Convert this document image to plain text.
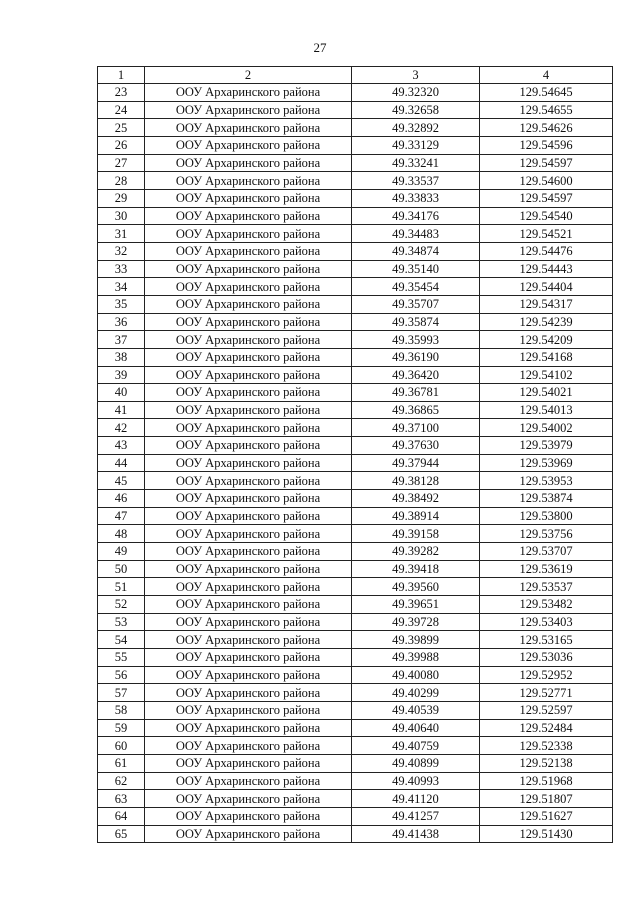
27
1	2	3	4
23	ООУ Архаринского района	49.32320	129.54645
24	ООУ Архаринского района	49.32658	129.54655
25	ООУ Архаринского района	49.32892	129.54626
26	ООУ Архаринского района	49.33129	129.54596
27	ООУ Архаринского района	49.33241	129.54597
28	ООУ Архаринского района	49.33537	129.54600
29	ООУ Архаринского района	49.33833	129.54597
30	ООУ Архаринского района	49.34176	129.54540
31	ООУ Архаринского района	49.34483	129.54521
32	ООУ Архаринского района	49.34874	129.54476
33	ООУ Архаринского района	49.35140	129.54443
34	ООУ Архаринского района	49.35454	129.54404
35	ООУ Архаринского района	49.35707	129.54317
36	ООУ Архаринского района	49.35874	129.54239
37	ООУ Архаринского района	49.35993	129.54209
38	ООУ Архаринского района	49.36190	129.54168
39	ООУ Архаринского района	49.36420	129.54102
40	ООУ Архаринского района	49.36781	129.54021
41	ООУ Архаринского района	49.36865	129.54013
42	ООУ Архаринского района	49.37100	129.54002
43	ООУ Архаринского района	49.37630	129.53979
44	ООУ Архаринского района	49.37944	129.53969
45	ООУ Архаринского района	49.38128	129.53953
46	ООУ Архаринского района	49.38492	129.53874
47	ООУ Архаринского района	49.38914	129.53800
48	ООУ Архаринского района	49.39158	129.53756
49	ООУ Архаринского района	49.39282	129.53707
50	ООУ Архаринского района	49.39418	129.53619
51	ООУ Архаринского района	49.39560	129.53537
52	ООУ Архаринского района	49.39651	129.53482
53	ООУ Архаринского района	49.39728	129.53403
54	ООУ Архаринского района	49.39899	129.53165
55	ООУ Архаринского района	49.39988	129.53036
56	ООУ Архаринского района	49.40080	129.52952
57	ООУ Архаринского района	49.40299	129.52771
58	ООУ Архаринского района	49.40539	129.52597
59	ООУ Архаринского района	49.40640	129.52484
60	ООУ Архаринского района	49.40759	129.52338
61	ООУ Архаринского района	49.40899	129.52138
62	ООУ Архаринского района	49.40993	129.51968
63	ООУ Архаринского района	49.41120	129.51807
64	ООУ Архаринского района	49.41257	129.51627
65	ООУ Архаринского района	49.41438	129.51430
